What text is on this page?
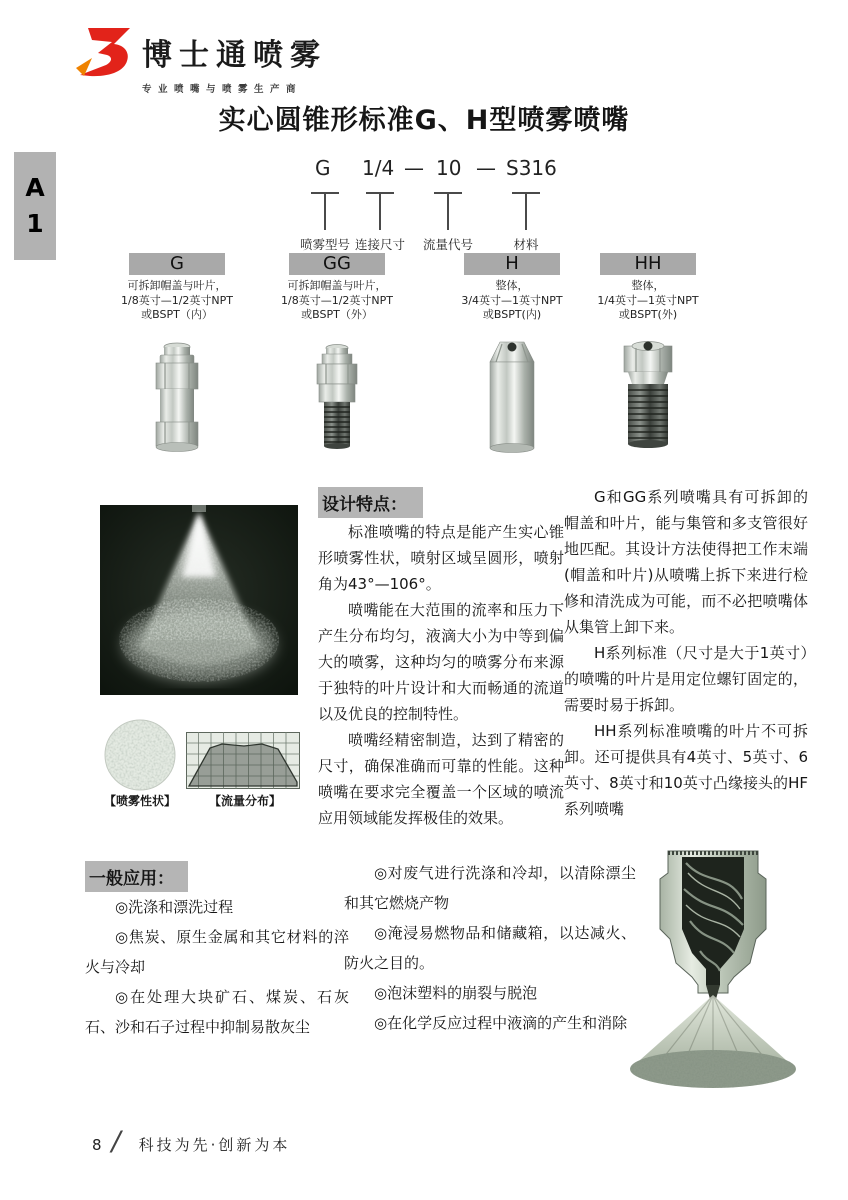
博士通喷雾
专业喷嘴与喷雾生产商
A
1
实心圆锥形标准G、H型喷雾喷嘴
G 1/4 — 10 — S316
喷雾型号 连接尺寸 流量代号	材料
G
可拆卸帽盖与叶片，
1/8英寸—1/2英寸NPT
或BSPT（内）
GG
可拆卸帽盖与叶片，
1/8英寸—1/2英寸NPT
或BSPT（外）
H
整体，
3/4英寸—1英寸NPT
或BSPT(内)
HH
整体，
1/4英寸—1英寸NPT
或BSPT(外)
设计特点：

标准喷嘴的特点是能产生实心锥形喷雾性状，喷射区域呈圆形，喷射角为43°—106°。

喷嘴能在大范围的流率和压力下产生分布均匀，液滴大小为中等到偏大的喷雾，这种均匀的喷雾分布来源于独特的叶片设计和大而畅通的流道以及优良的控制特性。

喷嘴经精密制造，达到了精密的尺寸，确保准确而可靠的性能。这种喷嘴在要求完全覆盖一个区域的喷流应用领域能发挥极佳的效果。

G和GG系列喷嘴具有可拆卸的帽盖和叶片，能与集管和多支管很好地匹配。其设计方法使得把工作末端(帽盖和叶片)从喷嘴上拆下来进行检修和清洗成为可能，而不必把喷嘴体从集管上卸下来。

H系列标准（尺寸是大于1英寸）的喷嘴的叶片是用定位螺钉固定的，需要时易于拆卸。

HH系列标准喷嘴的叶片不可拆卸。还可提供具有4英寸、5英寸、6英寸、8英寸和10英寸凸缘接头的HF系列喷嘴

【喷雾性状】	【流量分布】
一般应用：

◎洗涤和漂洗过程

◎焦炭、原生金属和其它材料的淬火与冷却

◎在处理大块矿石、煤炭、石灰石、沙和石子过程中抑制易散灰尘

◎对废气进行洗涤和冷却，以清除漂尘和其它燃烧产物

◎淹浸易燃物品和储藏箱，以达减火、防火之目的。

◎泡沫塑料的崩裂与脱泡

◎在化学反应过程中液滴的产生和消除

8 / 科技为先·创新为本
